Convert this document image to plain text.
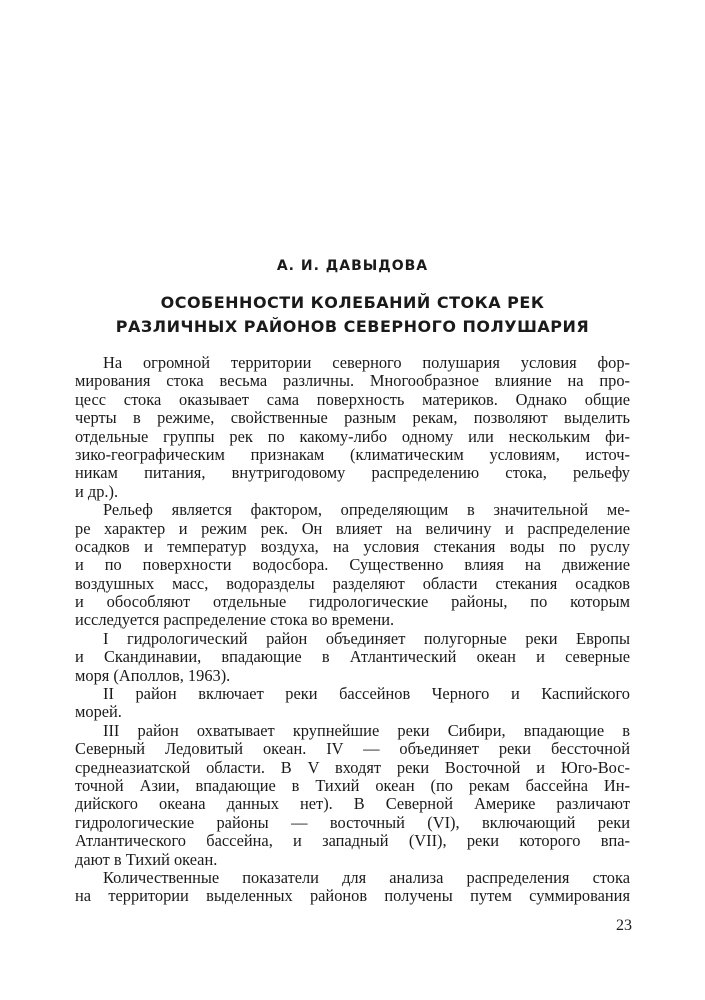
А. И. ДАВЫДОВА
ОСОБЕННОСТИ КОЛЕБАНИЙ СТОКА РЕК
РАЗЛИЧНЫХ РАЙОНОВ СЕВЕРНОГО ПОЛУШАРИЯ
На огромной территории северного полушария условия фор-
мирования стока весьма различны. Многообразное влияние на про-
цесс стока оказывает сама поверхность материков. Однако общие
черты в режиме, свойственные разным рекам, позволяют выделить
отдельные группы рек по какому-либо одному или нескольким фи-
зико-географическим признакам (климатическим условиям, источ-
никам питания, внутригодовому распределению стока, рельефу
и др.).
Рельеф является фактором, определяющим в значительной ме-
ре характер и режим рек. Он влияет на величину и распределение
осадков и температур воздуха, на условия стекания воды по руслу
и по поверхности водосбора. Существенно влияя на движение
воздушных масс, водоразделы разделяют области стекания осадков
и обособляют отдельные гидрологические районы, по которым
исследуется распределение стока во времени.
I гидрологический район объединяет полугорные реки Европы
и Скандинавии, впадающие в Атлантический океан и северные
моря (Аполлов, 1963).
II район включает реки бассейнов Черного и Каспийского
морей.
III район охватывает крупнейшие реки Сибири, впадающие в
Северный Ледовитый океан. IV — объединяет реки бессточной
среднеазиатской области. В V входят реки Восточной и Юго-Вос-
точной Азии, впадающие в Тихий океан (по рекам бассейна Ин-
дийского океана данных нет). В Северной Америке различают
гидрологические районы — восточный (VI), включающий реки
Атлантического бассейна, и западный (VII), реки которого впа-
дают в Тихий океан.
Количественные показатели для анализа распределения стока
на территории выделенных районов получены путем суммирования
23
